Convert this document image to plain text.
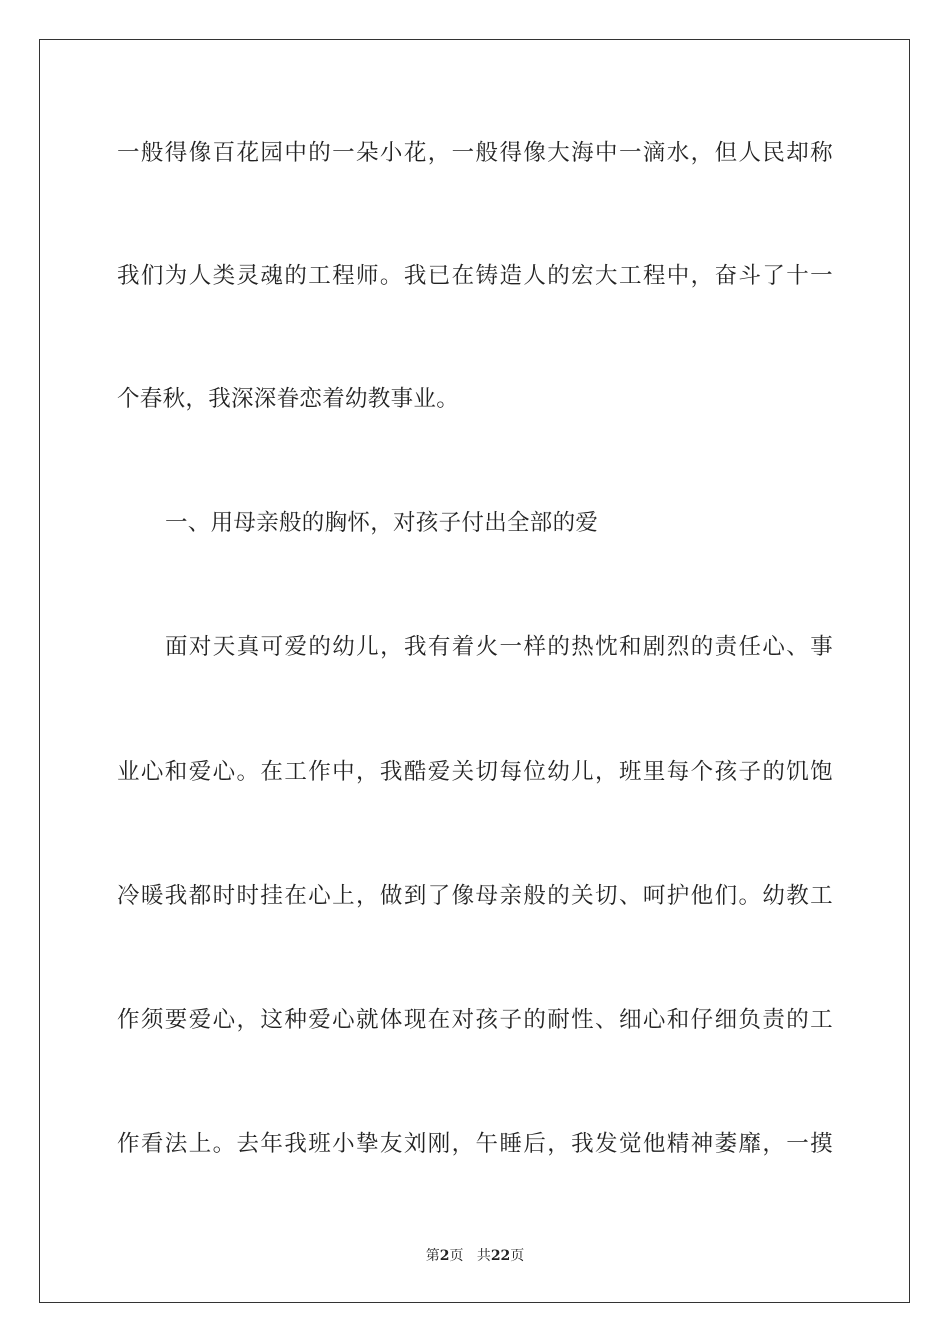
一般得像百花园中的一朵小花，一般得像大海中一滴水，但人民却称
我们为人类灵魂的工程师。我已在铸造人的宏大工程中，奋斗了十一
个春秋，我深深眷恋着幼教事业。
一、用母亲般的胸怀，对孩子付出全部的爱
面对天真可爱的幼儿，我有着火一样的热忱和剧烈的责任心、事
业心和爱心。在工作中，我酷爱关切每位幼儿，班里每个孩子的饥饱
冷暖我都时时挂在心上，做到了像母亲般的关切、呵护他们。幼教工
作须要爱心，这种爱心就体现在对孩子的耐性、细心和仔细负责的工
作看法上。去年我班小挚友刘刚，午睡后，我发觉他精神萎靡，一摸
第2页 共22页
